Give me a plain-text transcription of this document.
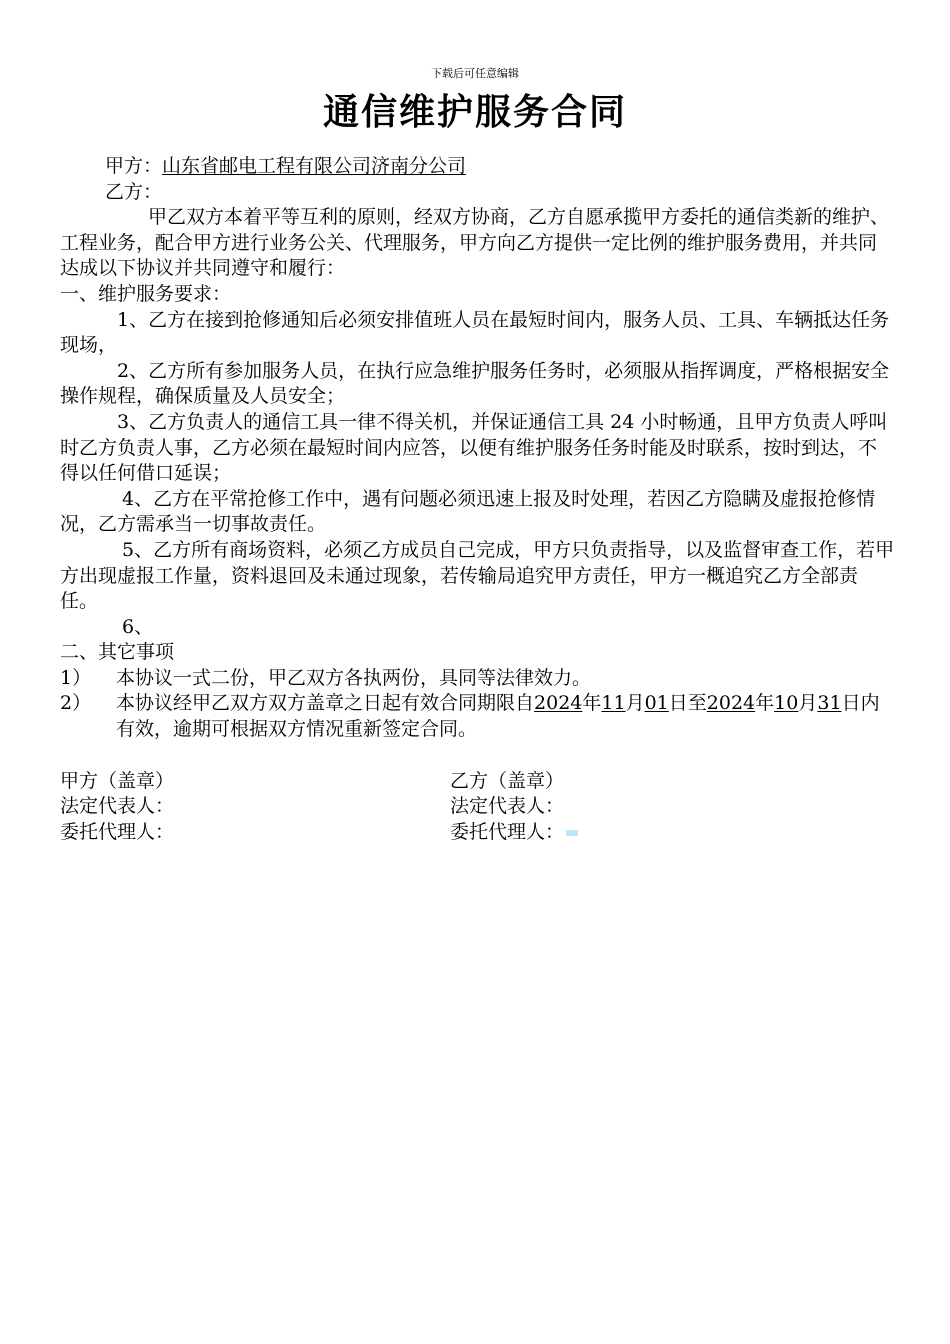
下载后可任意编辑
通信维护服务合同

甲方：山东省邮电工程有限公司济南分公司

乙方：

甲乙双方本着平等互利的原则，经双方协商，乙方自愿承揽甲方委托的通信类新的维护、工程业务，配合甲方进行业务公关、代理服务，甲方向乙方提供一定比例的维护服务费用，并共同达成以下协议并共同遵守和履行：

一、维护服务要求：

1、乙方在接到抢修通知后必须安排值班人员在最短时间内，服务人员、工具、车辆抵达任务现场，

2、乙方所有参加服务人员，在执行应急维护服务任务时，必须服从指挥调度，严格根据安全操作规程，确保质量及人员安全；

3、乙方负责人的通信工具一律不得关机，并保证通信工具 24 小时畅通，且甲方负责人呼叫时乙方负责人事，乙方必须在最短时间内应答，以便有维护服务任务时能及时联系，按时到达，不得以任何借口延误；

4、乙方在平常抢修工作中，遇有问题必须迅速上报及时处理，若因乙方隐瞒及虚报抢修情况，乙方需承当一切事故责任。

5、乙方所有商场资料，必须乙方成员自己完成，甲方只负责指导，以及监督审查工作，若甲方出现虚报工作量，资料退回及未通过现象，若传输局追究甲方责任，甲方一概追究乙方全部责任。

6、

二、其它事项

1） 本协议一式二份，甲乙双方各执两份，具同等法律效力。
2） 本协议经甲乙双方双方盖章之日起有效合同期限自2024年11月01日至2024年10月31日内有效，逾期可根据双方情况重新签定合同。
甲方（盖章）	乙方（盖章）
法定代表人：	法定代表人：
委托代理人：	委托代理人：
